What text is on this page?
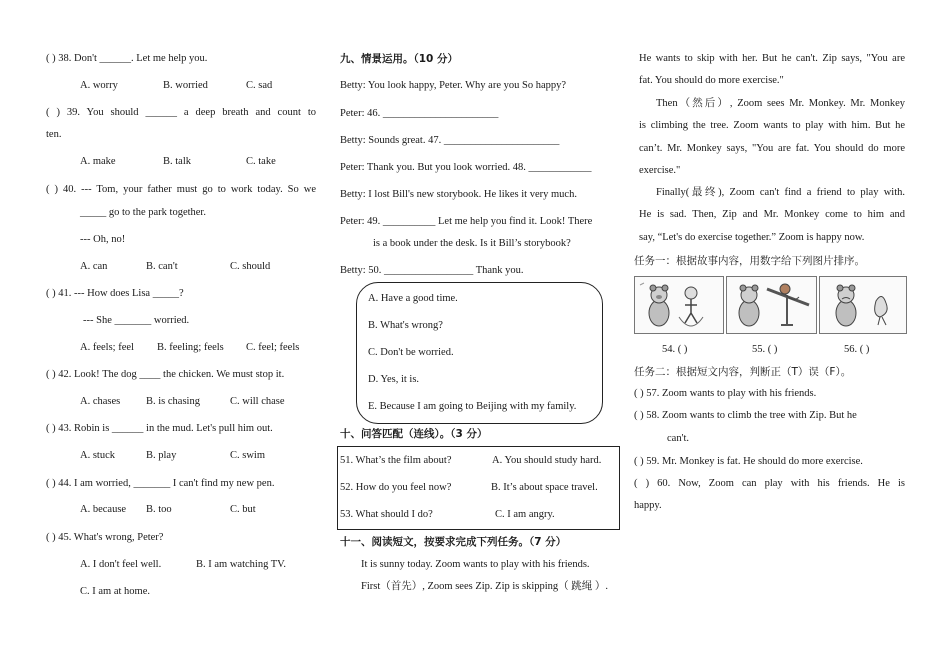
( ) 38. Don't ______. Let me help you.
A. worry	B. worried	C. sad
( ) 39. You should ______ a deep breath and count to
ten.
A. make	B. talk	C. take
( ) 40. --- Tom, your father must go to work today. So we
_____ go to the park together.
--- Oh, no!
A. can	B. can't	C. should
( ) 41. --- How does Lisa _____?
--- She _______ worried.
A. feels; feel B. feeling; feels C. feel; feels
( ) 42. Look! The dog ____ the chicken. We must stop it.
A. chases B. is chasing	C. will chase
( ) 43. Robin is ______ in the mud. Let's pull him out.
A. stuck	B. play	C. swim
( ) 44. I am worried, _______ I can't find my new pen.
A. because B. too	C. but
( ) 45. What's wrong, Peter?
A. I don't feel well.	B. I am watching TV.
C. I am at home.
九、情景运用。（10 分）
Betty: You look happy, Peter. Why are you So happy?
Peter: 46. ______________________
Betty: Sounds great. 47. ______________________
Peter: Thank you. But you look worried. 48. ____________
Betty: I lost Bill's new storybook. He likes it very much.
Peter: 49. __________ Let me help you find it. Look! There
is a book under the desk. Is it Bill’s storybook?
Betty: 50. _________________ Thank you.
A. Have a good time.
B. What's wrong?
C. Don't be worried.
D. Yes, it is.
E. Because I am going to Beijing with my family.
十、问答匹配（连线）。（3 分）
51. What’s the film about?	A. You should study hard.
52. How do you feel now?	B. It’s about space travel.
53. What should I do?	C. I am angry.
十一、阅读短文，按要求完成下列任务。（7 分）
It is sunny today. Zoom wants to play with his friends.
First（首先）, Zoom sees Zip. Zip is skipping（ 跳绳 ）.
He wants to skip with her. But he can't. Zip says, "You are
fat. You should do more exercise."
Then（然后）, Zoom sees Mr. Monkey. Mr. Monkey
is climbing the tree. Zoom wants to play with him. But he
can’t. Mr. Monkey says, "You are fat. You should do more
exercise."
Finally(最终), Zoom can't find a friend to play with.
He is sad. Then, Zip and Mr. Monkey come to him and
say, “Let's do exercise together.” Zoom is happy now.
任务一：根据故事内容，用数字给下列图片排序。
54. ( )	55. ( )	56. ( )
任务二：根据短文内容，判断正（T）误（F）。
( ) 57. Zoom wants to play with his friends.
( ) 58. Zoom wants to climb the tree with Zip. But he
can't.
( ) 59. Mr. Monkey is fat. He should do more exercise.
( ) 60. Now, Zoom can play with his friends. He is
happy.
